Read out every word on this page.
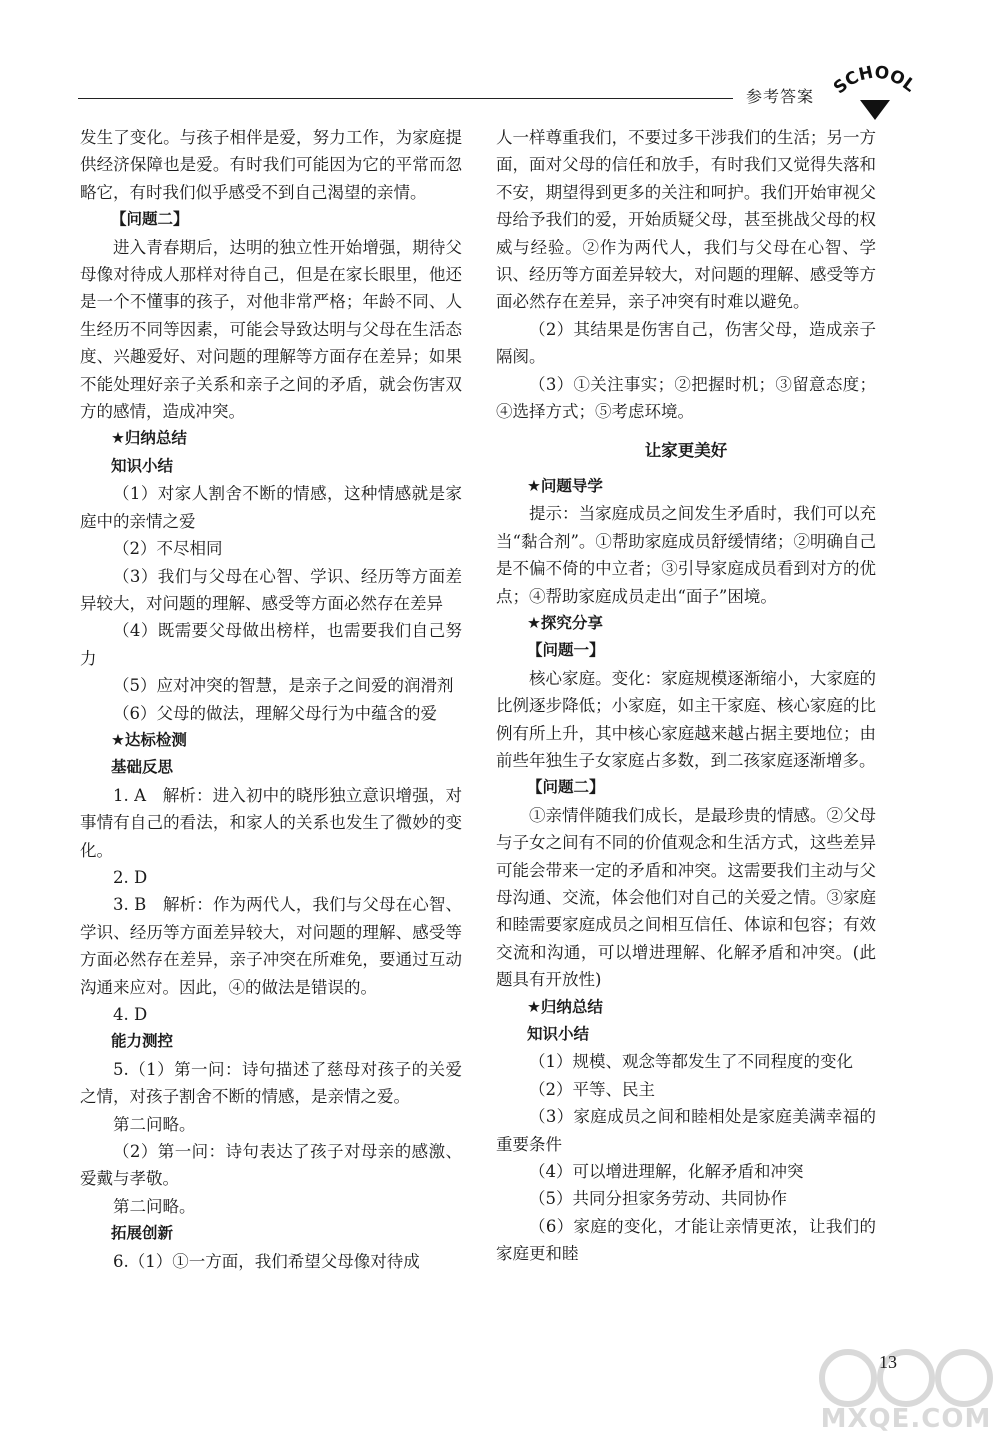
参考答案 SCHOOL

发生了变化。与孩子相伴是爱，努力工作，为家庭提供经济保障也是爱。有时我们可能因为它的平常而忽略它，有时我们似乎感受不到自己渴望的亲情。

【问题二】

进入青春期后，达明的独立性开始增强，期待父母像对待成人那样对待自己，但是在家长眼里，他还是一个不懂事的孩子，对他非常严格；年龄不同、人生经历不同等因素，可能会导致达明与父母在生活态度、兴趣爱好、对问题的理解等方面存在差异；如果不能处理好亲子关系和亲子之间的矛盾，就会伤害双方的感情，造成冲突。

★归纳总结

知识小结

（1）对家人割舍不断的情感，这种情感就是家庭中的亲情之爱

（2）不尽相同

（3）我们与父母在心智、学识、经历等方面差异较大，对问题的理解、感受等方面必然存在差异

（4）既需要父母做出榜样，也需要我们自己努力

（5）应对冲突的智慧，是亲子之间爱的润滑剂

（6）父母的做法，理解父母行为中蕴含的爱

★达标检测

基础反思

1. A　解析：进入初中的晓彤独立意识增强，对事情有自己的看法，和家人的关系也发生了微妙的变化。

2. D

3. B　解析：作为两代人，我们与父母在心智、学识、经历等方面差异较大，对问题的理解、感受等方面必然存在差异，亲子冲突在所难免，要通过互动沟通来应对。因此，④的做法是错误的。

4. D

能力测控

5.（1）第一问：诗句描述了慈母对孩子的关爱之情，对孩子割舍不断的情感，是亲情之爱。

第二问略。

（2）第一问：诗句表达了孩子对母亲的感激、爱戴与孝敬。

第二问略。

拓展创新

6.（1）①一方面，我们希望父母像对待成

人一样尊重我们，不要过多干涉我们的生活；另一方面，面对父母的信任和放手，有时我们又觉得失落和不安，期望得到更多的关注和呵护。我们开始审视父母给予我们的爱，开始质疑父母，甚至挑战父母的权威与经验。②作为两代人，我们与父母在心智、学识、经历等方面差异较大，对问题的理解、感受等方面必然存在差异，亲子冲突有时难以避免。

（2）其结果是伤害自己，伤害父母，造成亲子隔阂。

（3）①关注事实；②把握时机；③留意态度；④选择方式；⑤考虑环境。

让家更美好

★问题导学

提示：当家庭成员之间发生矛盾时，我们可以充当“黏合剂”。①帮助家庭成员舒缓情绪；②明确自己是不偏不倚的中立者；③引导家庭成员看到对方的优点；④帮助家庭成员走出“面子”困境。

★探究分享

【问题一】

核心家庭。变化：家庭规模逐渐缩小，大家庭的比例逐步降低；小家庭，如主干家庭、核心家庭的比例有所上升，其中核心家庭越来越占据主要地位；由前些年独生子女家庭占多数，到二孩家庭逐渐增多。

【问题二】

①亲情伴随我们成长，是最珍贵的情感。②父母与子女之间有不同的价值观念和生活方式，这些差异可能会带来一定的矛盾和冲突。这需要我们主动与父母沟通、交流，体会他们对自己的关爱之情。③家庭和睦需要家庭成员之间相互信任、体谅和包容；有效交流和沟通，可以增进理解、化解矛盾和冲突。(此题具有开放性)

★归纳总结

知识小结

（1）规模、观念等都发生了不同程度的变化

（2）平等、民主

（3）家庭成员之间和睦相处是家庭美满幸福的重要条件

（4）可以增进理解，化解矛盾和冲突

（5）共同分担家务劳动、共同协作

（6）家庭的变化，才能让亲情更浓，让我们的家庭更和睦

13
MXQE.COM
